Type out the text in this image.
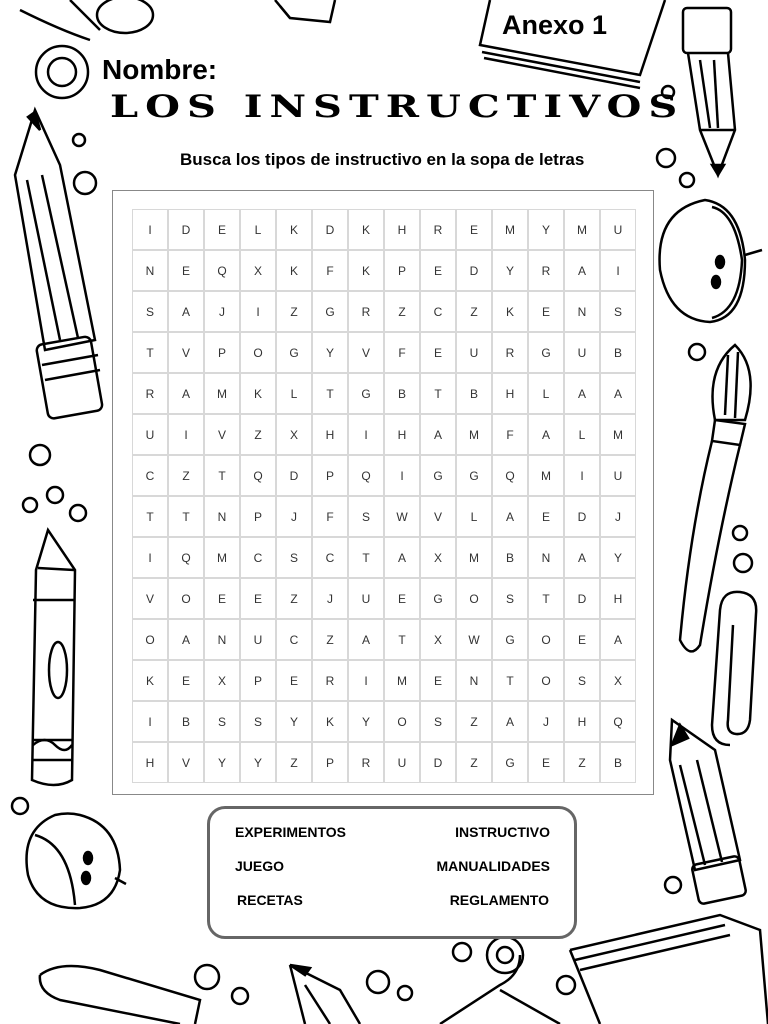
Anexo 1
Nombre:
LOS INSTRUCTIVOS
Busca los tipos de instructivo en la sopa de letras
I	D	E	L	K	D	K	H	R	E	M	Y	M	U
N	E	Q	X	K	F	K	P	E	D	Y	R	A	I
S	A	J	I	Z	G	R	Z	C	Z	K	E	N	S
T	V	P	O	G	Y	V	F	E	U	R	G	U	B
R	A	M	K	L	T	G	B	T	B	H	L	A	A
U	I	V	Z	X	H	I	H	A	M	F	A	L	M
C	Z	T	Q	D	P	Q	I	G	G	Q	M	I	U
T	T	N	P	J	F	S	W	V	L	A	E	D	J
I	Q	M	C	S	C	T	A	X	M	B	N	A	Y
V	O	E	E	Z	J	U	E	G	O	S	T	D	H
O	A	N	U	C	Z	A	T	X	W	G	O	E	A
K	E	X	P	E	R	I	M	E	N	T	O	S	X
I	B	S	S	Y	K	Y	O	S	Z	A	J	H	Q
H	V	Y	Y	Z	P	R	U	D	Z	G	E	Z	B
EXPERIMENTOS
JUEGO
RECETAS
INSTRUCTIVO
MANUALIDADES
REGLAMENTO
